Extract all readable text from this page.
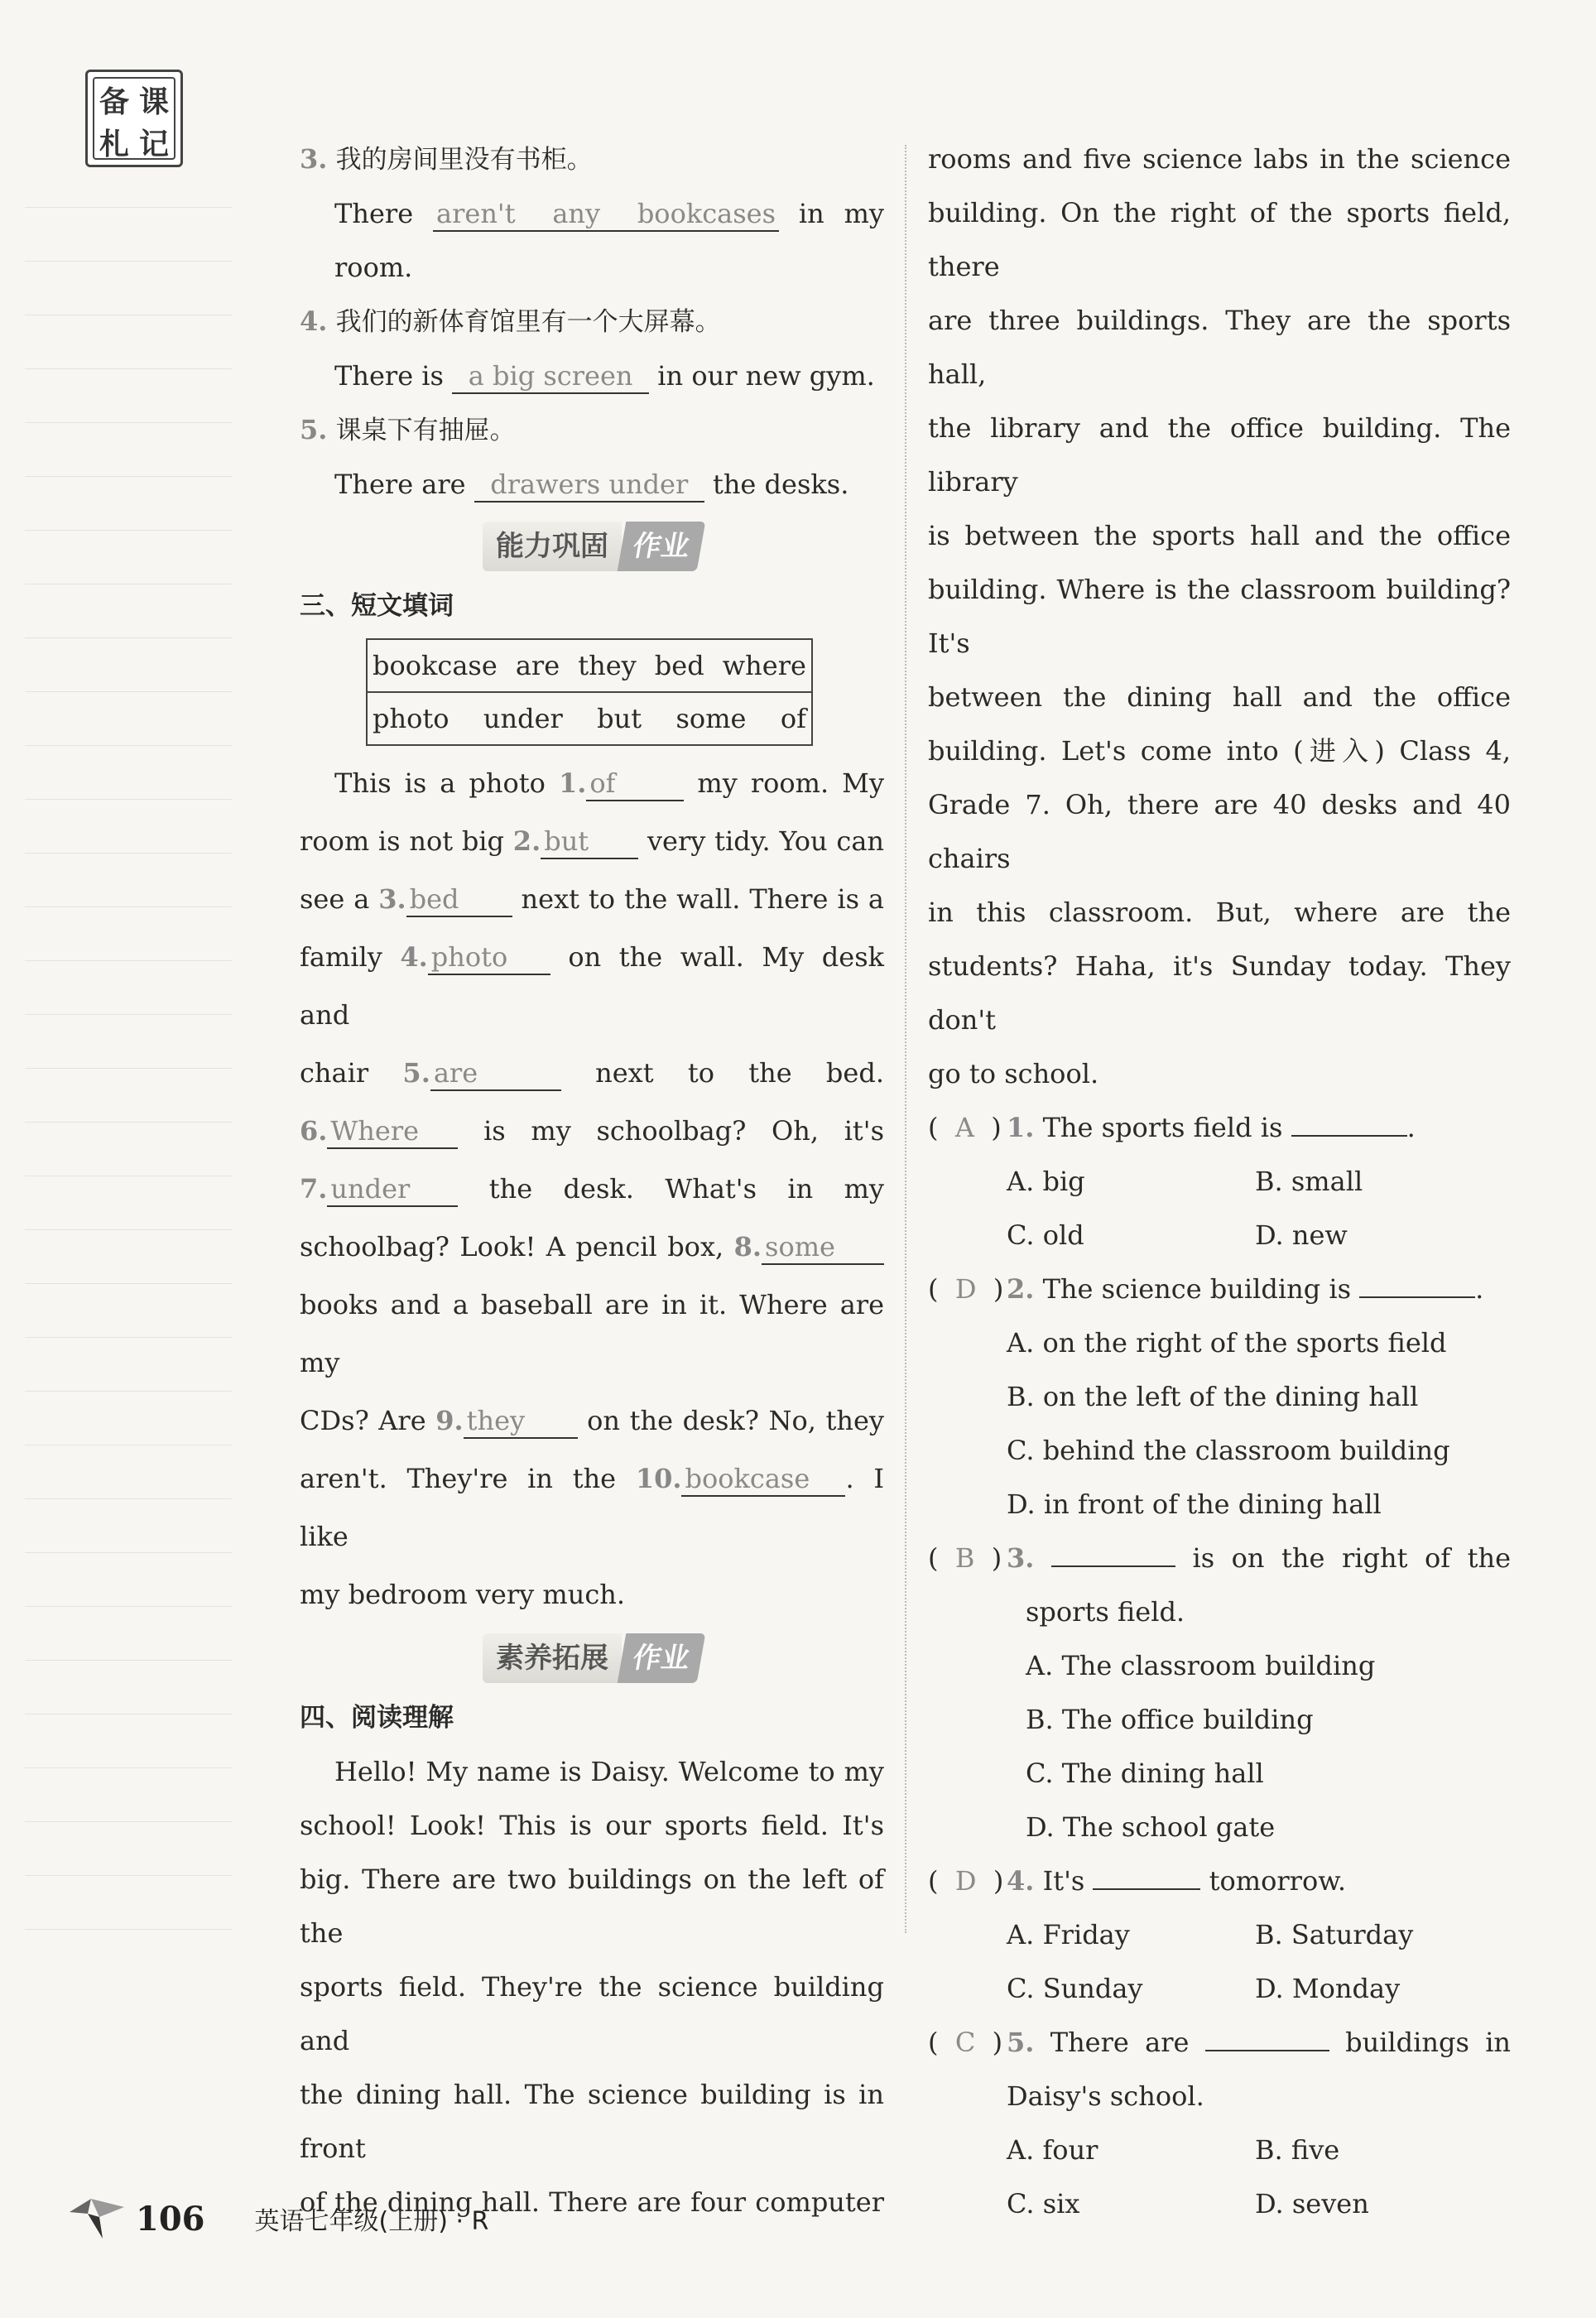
备 课
札 记	3. 我的房间里没有书柜。
There aren't any bookcases in my
room.
4. 我们的新体育馆里有一个大屏幕。
There is a big screen in our new gym.
5. 课桌下有抽屉。
There are drawers under the desks.
能力巩固 作业
三、短文填词
bookcase are they bed where
photo under but some of
This is a photo 1. of	my room. My
room is not big 2. but very tidy. You can
see a 3. bed next to the wall. There is a
family 4. photo on the wall. My desk and
chair 5. are	next to the bed.
6. Where is my schoolbag? Oh, it's
7. under	the desk. What's in my
schoolbag? Look! A pencil box, 8. some
books and a baseball are in it. Where are my
CDs? Are 9. they on the desk? No, they
aren't. They're in the 10. bookcase . I like
my bedroom very much.
素养拓展 作业
四、阅读理解
Hello! My name is Daisy. Welcome to my
school! Look! This is our sports field. It's
big. There are two buildings on the left of the
sports field. They're the science building and
the dining hall. The science building is in front
of the dining hall. There are four computer
rooms and five science labs in the science
building. On the right of the sports field, there
are three buildings. They are the sports hall,
the library and the office building. The library
is between the sports hall and the office
building. Where is the classroom building? It's
between the dining hall and the office
building. Let's come into (进入) Class 4,
Grade 7. Oh, there are 40 desks and 40 chairs
in this classroom. But, where are the
students? Haha, it's Sunday today. They don't
go to school.
(  A  ) 1. The sports field is	.
A. big	B. small
C. old	D. new
(  D  ) 2. The science building is	.
A. on the right of the sports field
B. on the left of the dining hall
C. behind the classroom building
D. in front of the dining hall
(  B  ) 3.	is on the right of the
sports field.
A. The classroom building
B. The office building
C. The dining hall
D. The school gate
(  D  ) 4. It's	tomorrow.
A. Friday	B. Saturday
C. Sunday	D. Monday
(  C  ) 5. There are	buildings in
Daisy's school.
A. four	B. five
C. six	D. seven
106 英语七年级(上册) · R
